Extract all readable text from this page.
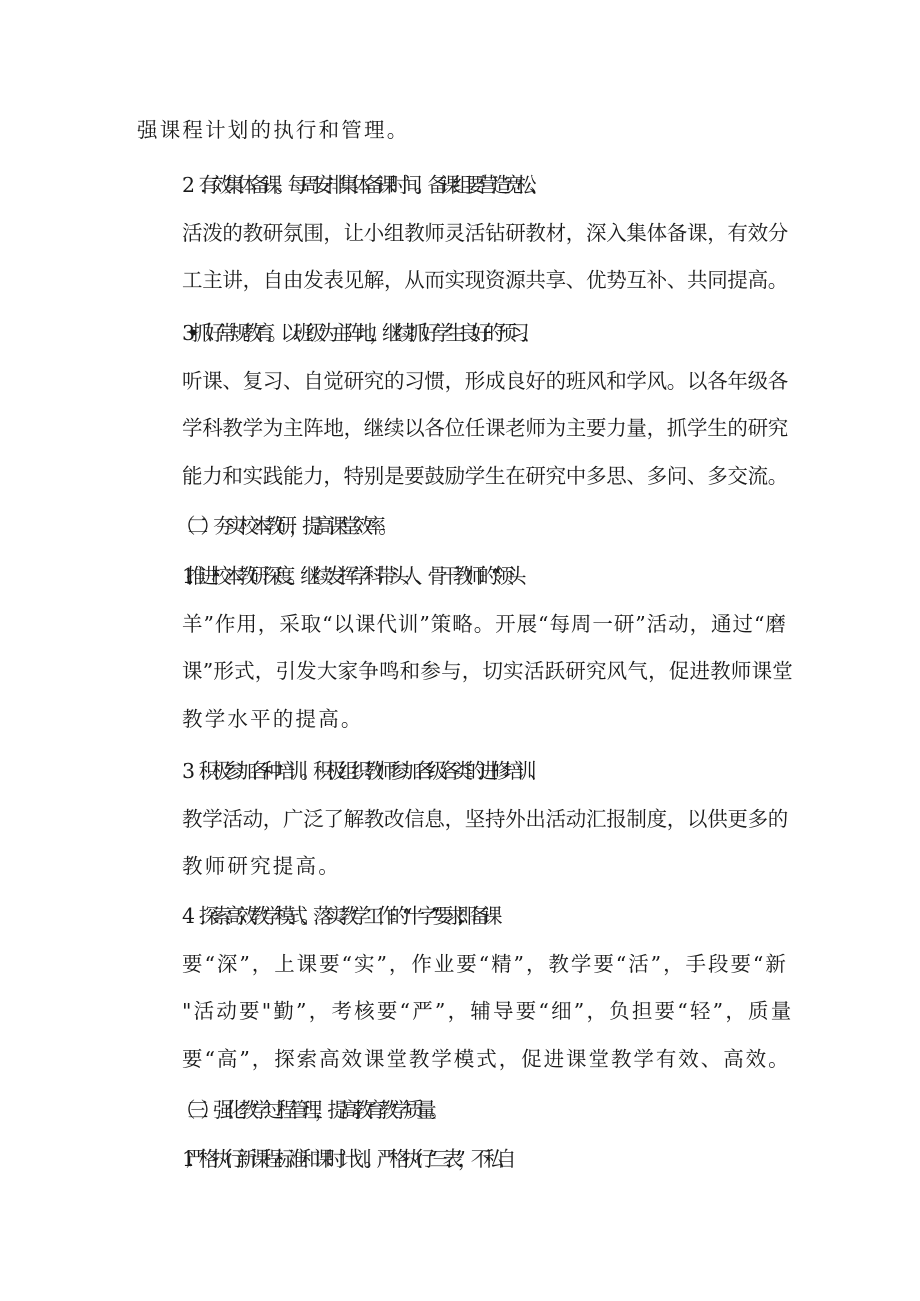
强课程计划的执行和管理。
2　.有效集体备课。每周安排集体备课时间。备课组要营造宽松、
活泼的教研氛围，让小组教师灵活钻研教材，深入集体备课，有效分
工主讲，自由发表见解，从而实现资源共享、优势互补、共同提高。
3•抓好常规教育。以班级为主阵地，继续抓好学生良好的预习、
听课、复习、自觉研究的习惯，形成良好的班风和学风。以各年级各
学科教学为主阵地，继续以各位任课老师为主要力量，抓学生的研究
能力和实践能力，特别是要鼓励学生在研究中多思、多问、多交流。
（二）夯实校本教研，提高课堂效率。
1.推进校本教研深度。继续发挥学科带头人、骨干教师的“领头
羊”作用，采取“以课代训”策略。开展“每周一研”活动，通过“磨
课”形式，引发大家争鸣和参与，切实活跃研究风气，促进教师课堂
教学水平的提高。
3　.积极参加各种培训。积极组织教师参加各级各类的进修培训、
教学活动，广泛了解教改信息，坚持外出活动汇报制度，以供更多的
教师研究提高。
4　.探索高效教学模式。落实教学工作的“十字”要求,即备课
要“深”，上课要“实”，作业要“精”，教学要“活”，手段要“新
"活动要"勤”，考核要“严”，辅导要“细”，负担要“轻”，质量
要“高”，探索高效课堂教学模式，促进课堂教学有效、高效。
（三）强化教学过程管理，提高教育教学质量。
1.严格执行新课程标准和课时计划。严格执行“三表”，不私自
